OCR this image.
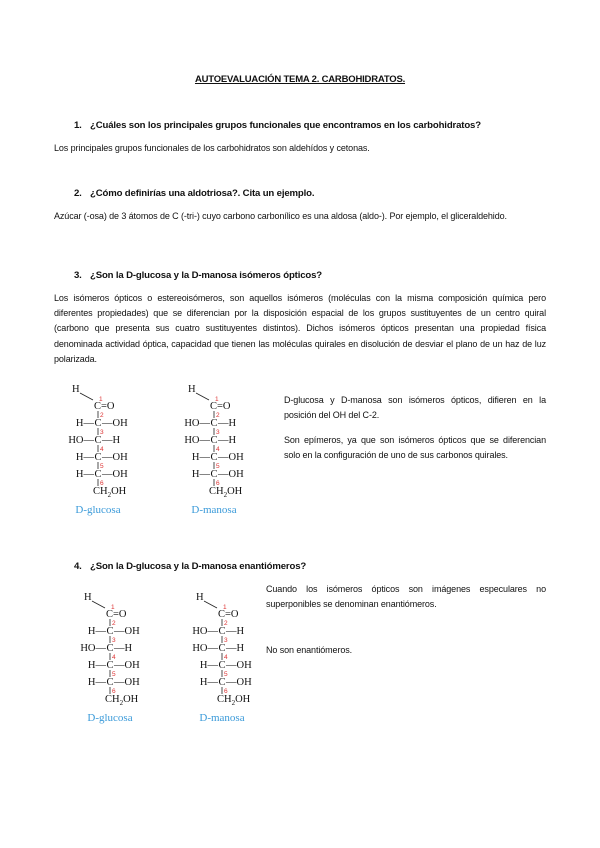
AUTOEVALUACIÓN TEMA 2. CARBOHIDRATOS.
1. ¿Cuáles son los principales grupos funcionales que encontramos en los carbohidratos?

Los principales grupos funcionales de los carbohidratos son aldehídos y cetonas.

2. ¿Cómo definirías una aldotriosa?. Cita un ejemplo.

Azúcar (-osa) de 3 átomos de C (-tri-) cuyo carbono carbonílico es una aldosa (aldo-). Por ejemplo, el gliceraldehido.

3. ¿Son la D-glucosa y la D-manosa isómeros ópticos?

Los isómeros ópticos o estereoisómeros, son aquellos isómeros (moléculas con la misma composición química pero diferentes propiedades) que se diferencian por la disposición espacial de los grupos sustituyentes de un centro quiral (carbono que presenta sus cuatro sustituyentes distintos). Dichos isómeros ópticos presentan una propiedad física denominada actividad óptica, capacidad que tienen las moléculas quirales en disolución de desviar el plano de un haz de luz polarizada.

H
C=O
1
2
H— C —OH
3
HO— C —H
4
H— C —OH
5
H— C —OH
6
$CH_2OH$
D-glucosa
H
C=O
1
2
HO— C —H
3
HO— C —H
4
H— C —OH
5
H— C —OH
6
$CH_2OH$
D-manosa

D-glucosa y D-manosa son isómeros ópticos, difieren en la posición del OH del C-2.

Son epímeros, ya que son isómeros ópticos que se diferencian solo en la configuración de uno de sus carbonos quirales.

4. ¿Son la D-glucosa y la D-manosa enantiómeros?
H
C=O
1
2
H— C —OH
3
HO— C —H
4
H— C —OH
5
H— C —OH
6
$CH_2OH$
D-glucosa
H
C=O
1
2
HO— C —H
3
HO— C —H
4
H— C —OH
5
H— C —OH
6
$CH_2OH$
D-manosa

Cuando los isómeros ópticos son imágenes especulares no superponibles se denominan enantiómeros.

No son enantiómeros.
